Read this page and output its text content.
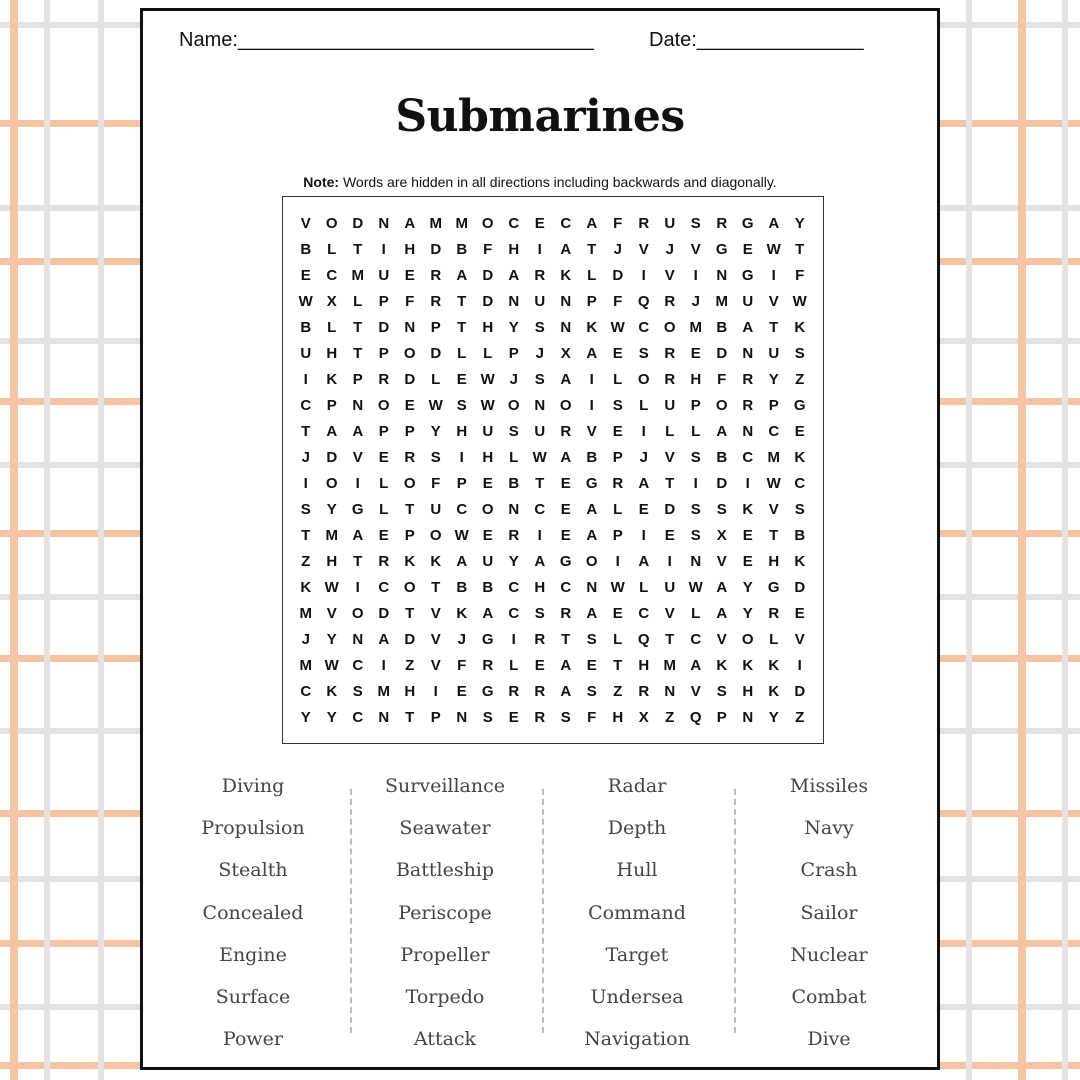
Name:________________________________	Date:_______________
Submarines
Note: Words are hidden in all directions including backwards and diagonally.
V O D N A M M O C	E	C A	F	R U	S	R G A	Y
B	L	T	I	H D B	F	H	I	A	T	J	V	J	V G E W T
E	C M U	E	R A D A R K	L	D	I	V	I	N G	I	F
W X	L	P	F	R	T	D N U N	P	F	Q R	J	M U	V W
B	L	T	D N	P	T	H	Y	S	N K W C O M B A	T	K
U H	T	P O D	L	L	P	J	X	A	E	S	R	E	D N U	S
I	K	P	R D	L	E W J	S	A	I	L	O R H	F	R	Y	Z
C	P	N O E W S W O N O	I	S	L	U	P O R	P G
T	A A	P	P	Y	H U	S	U R	V	E	I	L	L	A N C	E
J	D	V	E	R	S	I	H	L W A B	P	J	V	S	B C M K
I	O	I	L	O	F	P	E	B	T	E G R A	T	I	D	I	W C
S	Y G	L	T	U C O N C	E	A	L	E	D	S	S	K	V	S
T M A	E	P O W E	R	I	E	A	P	I	E	S	X	E	T	B
Z	H	T	R K K A U	Y	A G O	I	A	I	N	V	E	H K
K W	I	C O	T	B B C H C N W L	U W A	Y G D
M V O D	T	V	K A C	S	R A	E	C	V	L	A	Y	R	E
J	Y	N A D	V	J	G	I	R	T	S	L	Q	T	C	V O	L	V
M W C	I	Z	V	F	R	L	E	A	E	T	H M A K K K	I
C K	S M H	I	E G R R A	S	Z	R N	V	S	H K D
Y	Y	C N	T	P	N	S	E	R	S	F	H	X	Z	Q P	N	Y	Z
Diving
Propulsion
Stealth
Concealed
Engine
Surface
Power
Surveillance
Seawater
Battleship
Periscope
Propeller
Torpedo
Attack
Radar
Depth
Hull
Command
Target
Undersea
Navigation
Missiles
Navy
Crash
Sailor
Nuclear
Combat
Dive
